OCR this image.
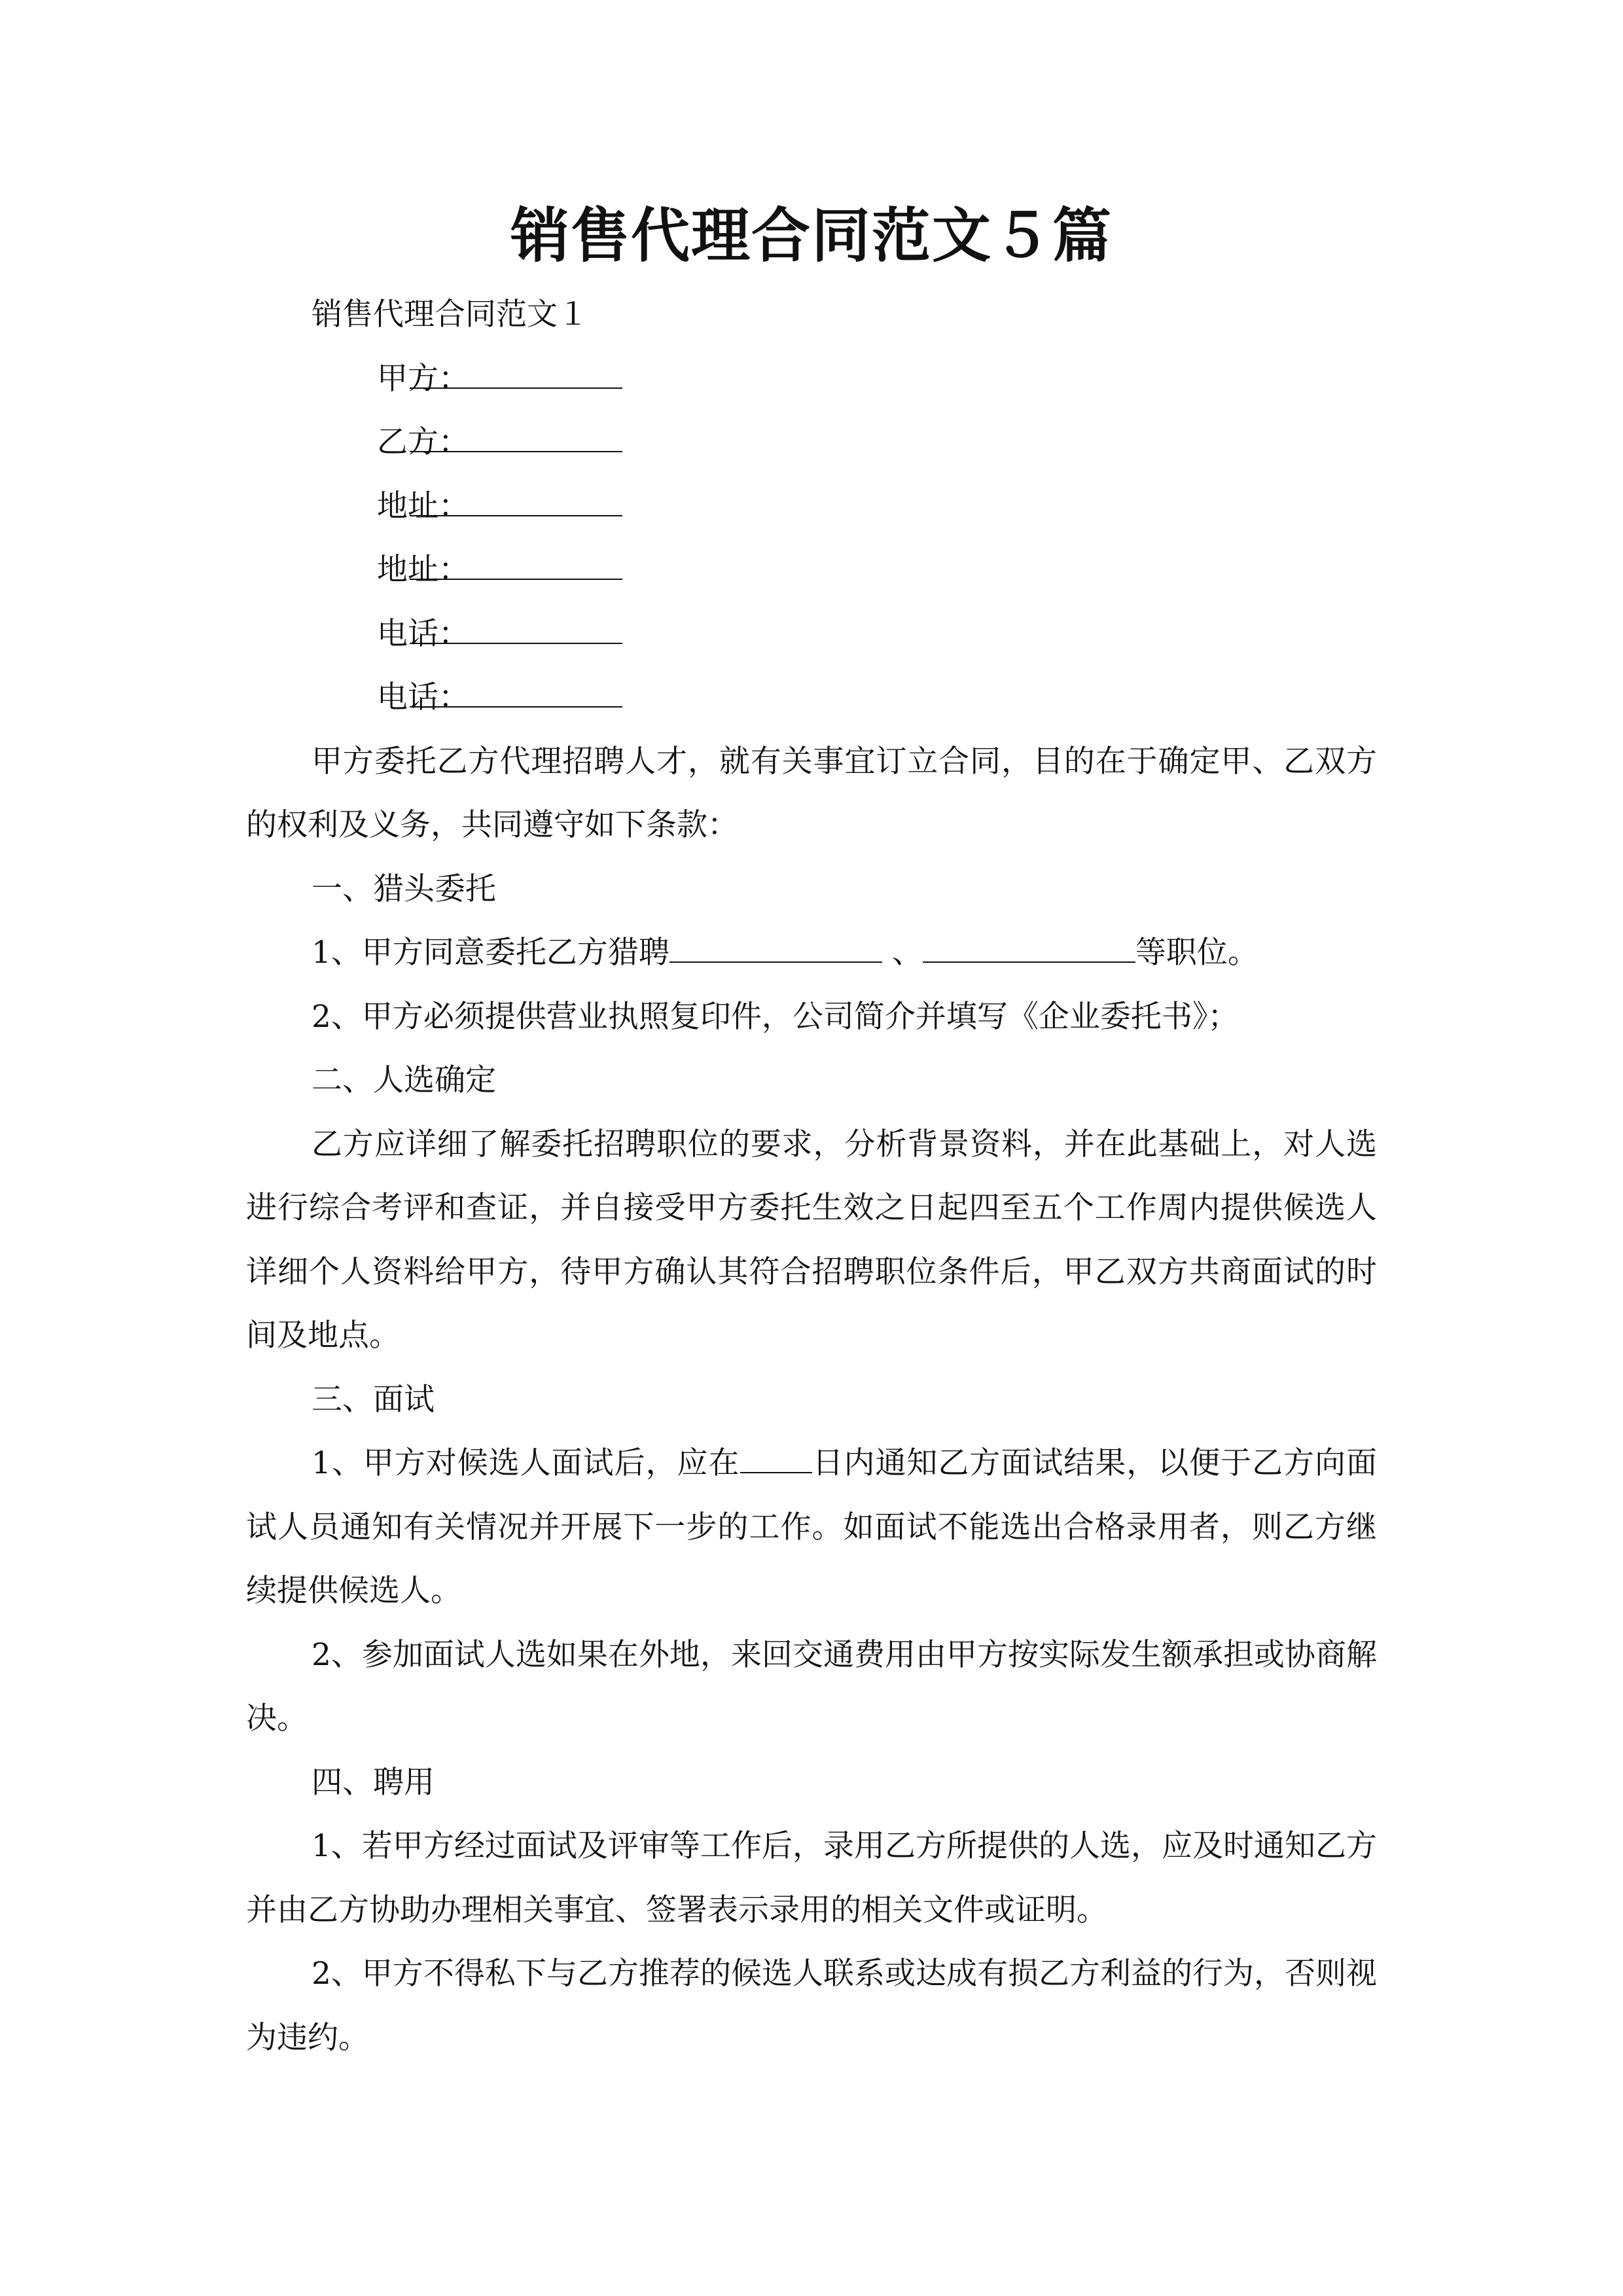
销售代理合同范文５篇

销售代理合同范文１

甲方：

乙方：

地址：

地址：

电话：

电话：

甲方委托乙方代理招聘人才，就有关事宜订立合同，目的在于确定甲、乙双方的权利及义务，共同遵守如下条款：

一、猎头委托

1、甲方同意委托乙方猎聘	、	等职位。

2、甲方必须提供营业执照复印件，公司简介并填写《企业委托书》；

二、人选确定

乙方应详细了解委托招聘职位的要求，分析背景资料，并在此基础上，对人选进行综合考评和查证，并自接受甲方委托生效之日起四至五个工作周内提供候选人详细个人资料给甲方，待甲方确认其符合招聘职位条件后，甲乙双方共商面试的时间及地点。

三、面试

1、甲方对候选人面试后，应在 日内通知乙方面试结果，以便于乙方向面试人员通知有关情况并开展下一步的工作。如面试不能选出合格录用者，则乙方继续提供候选人。

2、参加面试人选如果在外地，来回交通费用由甲方按实际发生额承担或协商解决。

四、聘用

1、若甲方经过面试及评审等工作后，录用乙方所提供的人选，应及时通知乙方并由乙方协助办理相关事宜、签署表示录用的相关文件或证明。

2、甲方不得私下与乙方推荐的候选人联系或达成有损乙方利益的行为，否则视为违约。
